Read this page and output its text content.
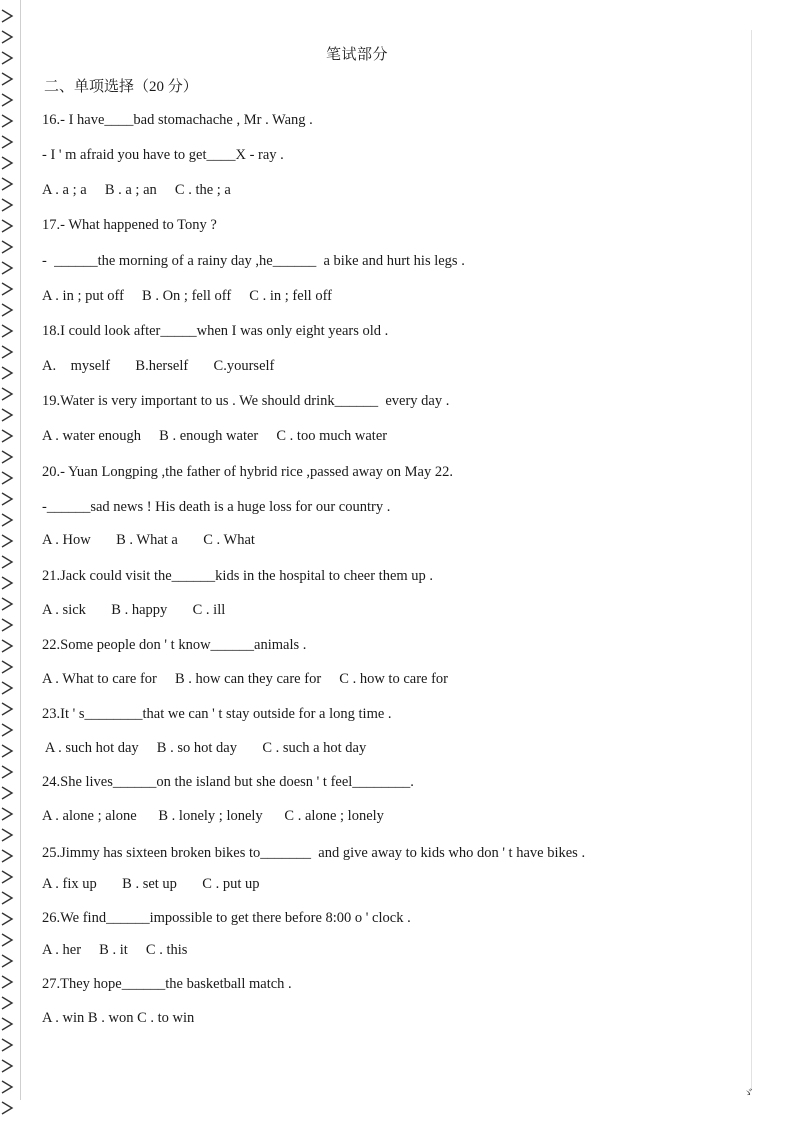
笔试部分
二、单项选择（20 分）
16.- I have____bad stomachache , Mr . Wang .
- I ' m afraid you have to get____X - ray .
A . a ; a     B . a ; an     C . the ; a
17.- What happened to Tony ?
-  ______the morning of a rainy day ,he______  a bike and hurt his legs .
A . in ; put off     B . On ; fell off     C . in ; fell off
18.I could look after_____when I was only eight years old .
A.    myself       B.herself       C.yourself
19.Water is very important to us . We should drink______  every day .
A . water enough     B . enough water     C . too much water
20.- Yuan Longping ,the father of hybrid rice ,passed away on May 22.
-______sad news ! His death is a huge loss for our country .
A . How       B . What a       C . What
21.Jack could visit the______kids in the hospital to cheer them up .
A . sick       B . happy       C . ill
22.Some people don ' t know______animals .
A . What to care for     B . how can they care for     C . how to care for
23.It ' s________that we can ' t stay outside for a long time .
A . such hot day     B . so hot day       C . such a hot day
24.She lives______on the island but she doesn ' t feel________.
A . alone ; alone      B . lonely ; lonely      C . alone ; lonely
25.Jimmy has sixteen broken bikes to_______  and give away to kids who don ' t have bikes .
A . fix up       B . set up       C . put up
26.We find______impossible to get there before 8:00 o ' clock .
A . her     B . it     C . this
27.They hope______the basketball match .
A . win B . won C . to win
ゞ
